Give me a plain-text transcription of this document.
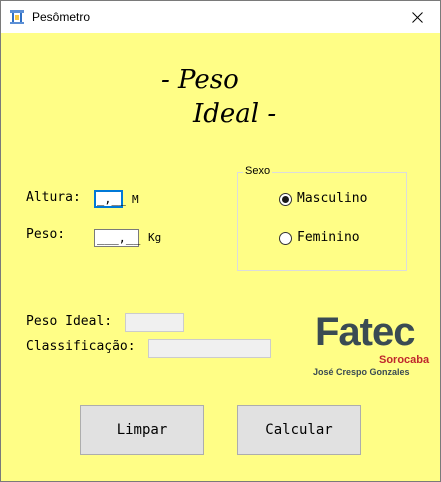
Pesômetro
- Peso
Ideal -
Altura: _,__ M
Peso:	___,__ Kg
Sexo
Masculino
Feminino
Peso Ideal:
Classificação:	Fatec
Sorocaba
José Crespo Gonzales
Limpar	Calcular
